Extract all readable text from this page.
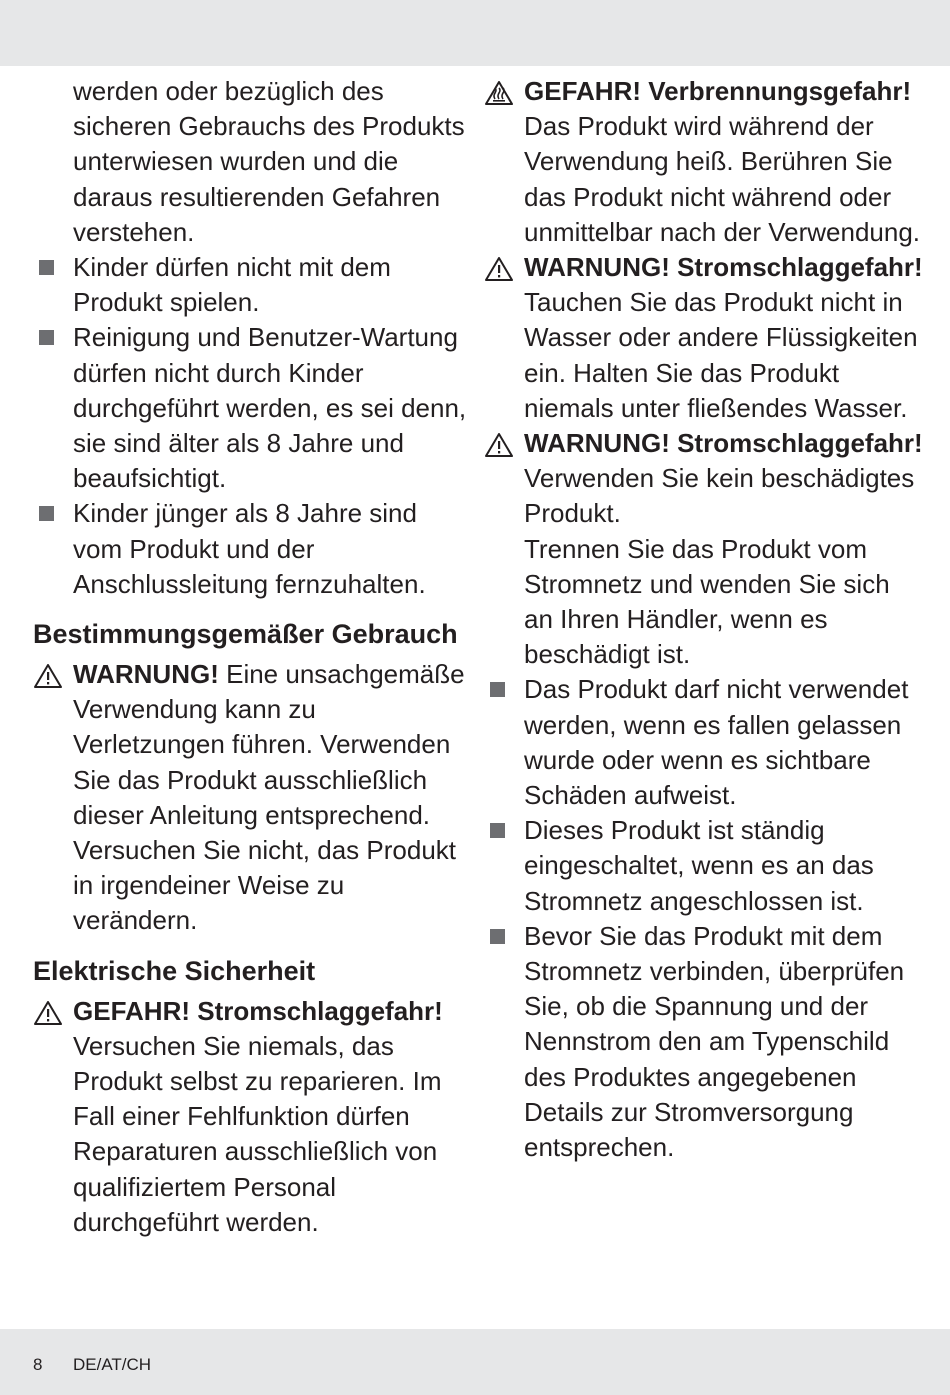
werden oder bezüglich des sicheren Gebrauchs des Produkts unterwiesen wurden und die daraus resultierenden Gefahren verstehen.
Kinder dürfen nicht mit dem Produkt spielen.
Reinigung und Benutzer-Wartung dürfen nicht durch Kinder durchgeführt werden, es sei denn, sie sind älter als 8 Jahre und beaufsichtigt.
Kinder jünger als 8 Jahre sind vom Produkt und der Anschlussleitung fernzuhalten.
Bestimmungsgemäßer Gebrauch
WARNUNG! Eine unsachgemäße Verwendung kann zu Verletzungen führen. Verwenden Sie das Produkt ausschließlich dieser Anleitung entsprechend. Versuchen Sie nicht, das Produkt in irgendeiner Weise zu verändern.
Elektrische Sicherheit
GEFAHR! Stromschlaggefahr! Versuchen Sie niemals, das Produkt selbst zu reparieren. Im Fall einer Fehlfunktion dürfen Reparaturen ausschließlich von qualifiziertem Personal durchgeführt werden.
GEFAHR! Verbrennungsgefahr! Das Produkt wird während der Verwendung heiß. Berühren Sie das Produkt nicht während oder unmittelbar nach der Verwendung.
WARNUNG! Stromschlaggefahr! Tauchen Sie das Produkt nicht in Wasser oder andere Flüssigkeiten ein. Halten Sie das Produkt niemals unter fließendes Wasser.
WARNUNG! Stromschlaggefahr! Verwenden Sie kein beschädigtes Produkt.
Trennen Sie das Produkt vom Stromnetz und wenden Sie sich an Ihren Händler, wenn es beschädigt ist.
Das Produkt darf nicht verwendet werden, wenn es fallen gelassen wurde oder wenn es sichtbare Schäden aufweist.
Dieses Produkt ist ständig eingeschaltet, wenn es an das Stromnetz angeschlossen ist.
Bevor Sie das Produkt mit dem Stromnetz verbinden, überprüfen Sie, ob die Spannung und der Nennstrom den am Typenschild des Produktes angegebenen Details zur Stromversorgung entsprechen.
8 DE/AT/CH
